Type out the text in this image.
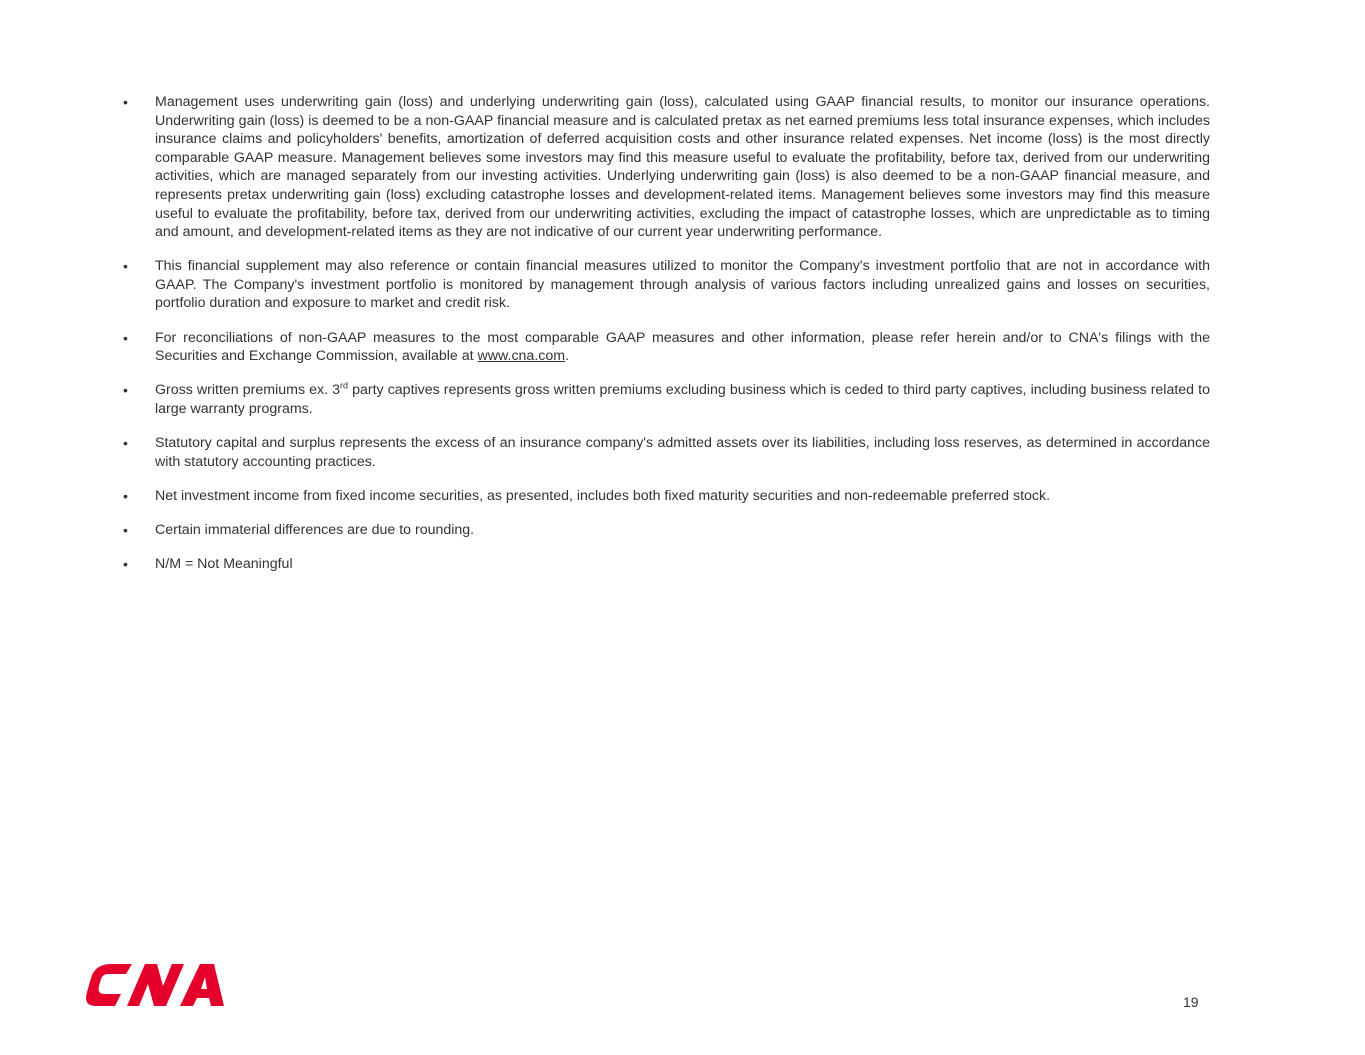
• Management uses underwriting gain (loss) and underlying underwriting gain (loss), calculated using GAAP financial results, to monitor our insurance operations. Underwriting gain (loss) is deemed to be a non-GAAP financial measure and is calculated pretax as net earned premiums less total insurance expenses, which includes insurance claims and policyholders' benefits, amortization of deferred acquisition costs and other insurance related expenses. Net income (loss) is the most directly comparable GAAP measure. Management believes some investors may find this measure useful to evaluate the profitability, before tax, derived from our underwriting activities, which are managed separately from our investing activities. Underlying underwriting gain (loss) is also deemed to be a non-GAAP financial measure, and represents pretax underwriting gain (loss) excluding catastrophe losses and development-related items. Management believes some investors may find this measure useful to evaluate the profitability, before tax, derived from our underwriting activities, excluding the impact of catastrophe losses, which are unpredictable as to timing and amount, and development-related items as they are not indicative of our current year underwriting performance.
• This financial supplement may also reference or contain financial measures utilized to monitor the Company's investment portfolio that are not in accordance with GAAP. The Company's investment portfolio is monitored by management through analysis of various factors including unrealized gains and losses on securities, portfolio duration and exposure to market and credit risk.
• For reconciliations of non-GAAP measures to the most comparable GAAP measures and other information, please refer herein and/or to CNA's filings with the Securities and Exchange Commission, available at www.cna.com.
• Gross written premiums ex. 3rd party captives represents gross written premiums excluding business which is ceded to third party captives, including business related to large warranty programs.
• Statutory capital and surplus represents the excess of an insurance company's admitted assets over its liabilities, including loss reserves, as determined in accordance with statutory accounting practices.
• Net investment income from fixed income securities, as presented, includes both fixed maturity securities and non-redeemable preferred stock.
• Certain immaterial differences are due to rounding.
• N/M = Not Meaningful
19
